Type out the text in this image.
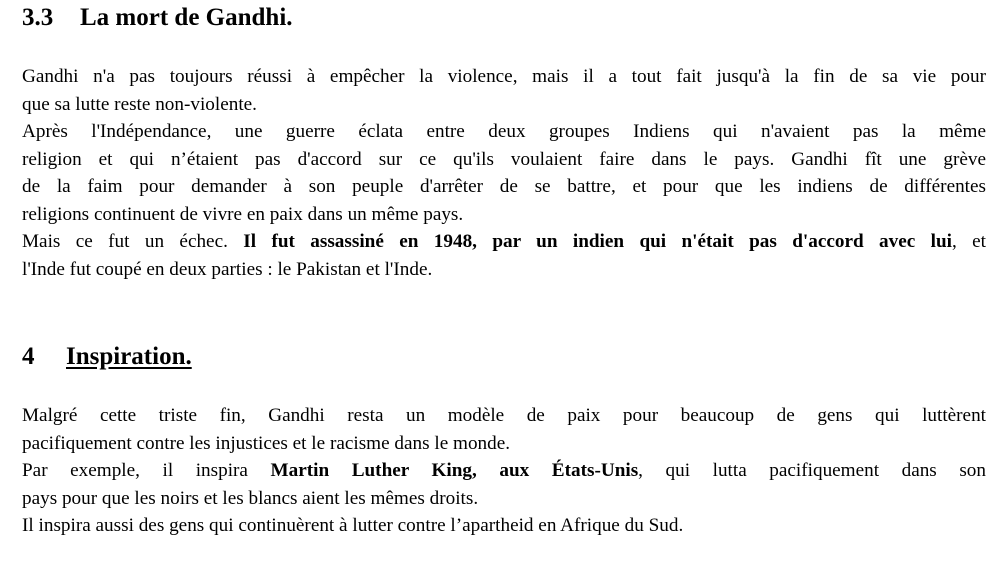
3.3 La mort de Gandhi.
Gandhi n'a pas toujours réussi à empêcher la violence, mais il a tout fait jusqu'à la fin de sa vie pour
que sa lutte reste non-violente.
Après l'Indépendance, une guerre éclata entre deux groupes Indiens qui n'avaient pas la même
religion et qui n’étaient pas d'accord sur ce qu'ils voulaient faire dans le pays. Gandhi fît une grève
de la faim pour demander à son peuple d'arrêter de se battre, et pour que les indiens de différentes
religions continuent de vivre en paix dans un même pays.
Mais ce fut un échec. Il fut assassiné en 1948, par un indien qui n'était pas d'accord avec lui, et
l'Inde fut coupé en deux parties : le Pakistan et l'Inde.
4 Inspiration.
Malgré cette triste fin, Gandhi resta un modèle de paix pour beaucoup de gens qui luttèrent
pacifiquement contre les injustices et le racisme dans le monde.
Par exemple, il inspira Martin Luther King, aux États-Unis, qui lutta pacifiquement dans son
pays pour que les noirs et les blancs aient les mêmes droits.
Il inspira aussi des gens qui continuèrent à lutter contre l’apartheid en Afrique du Sud.
